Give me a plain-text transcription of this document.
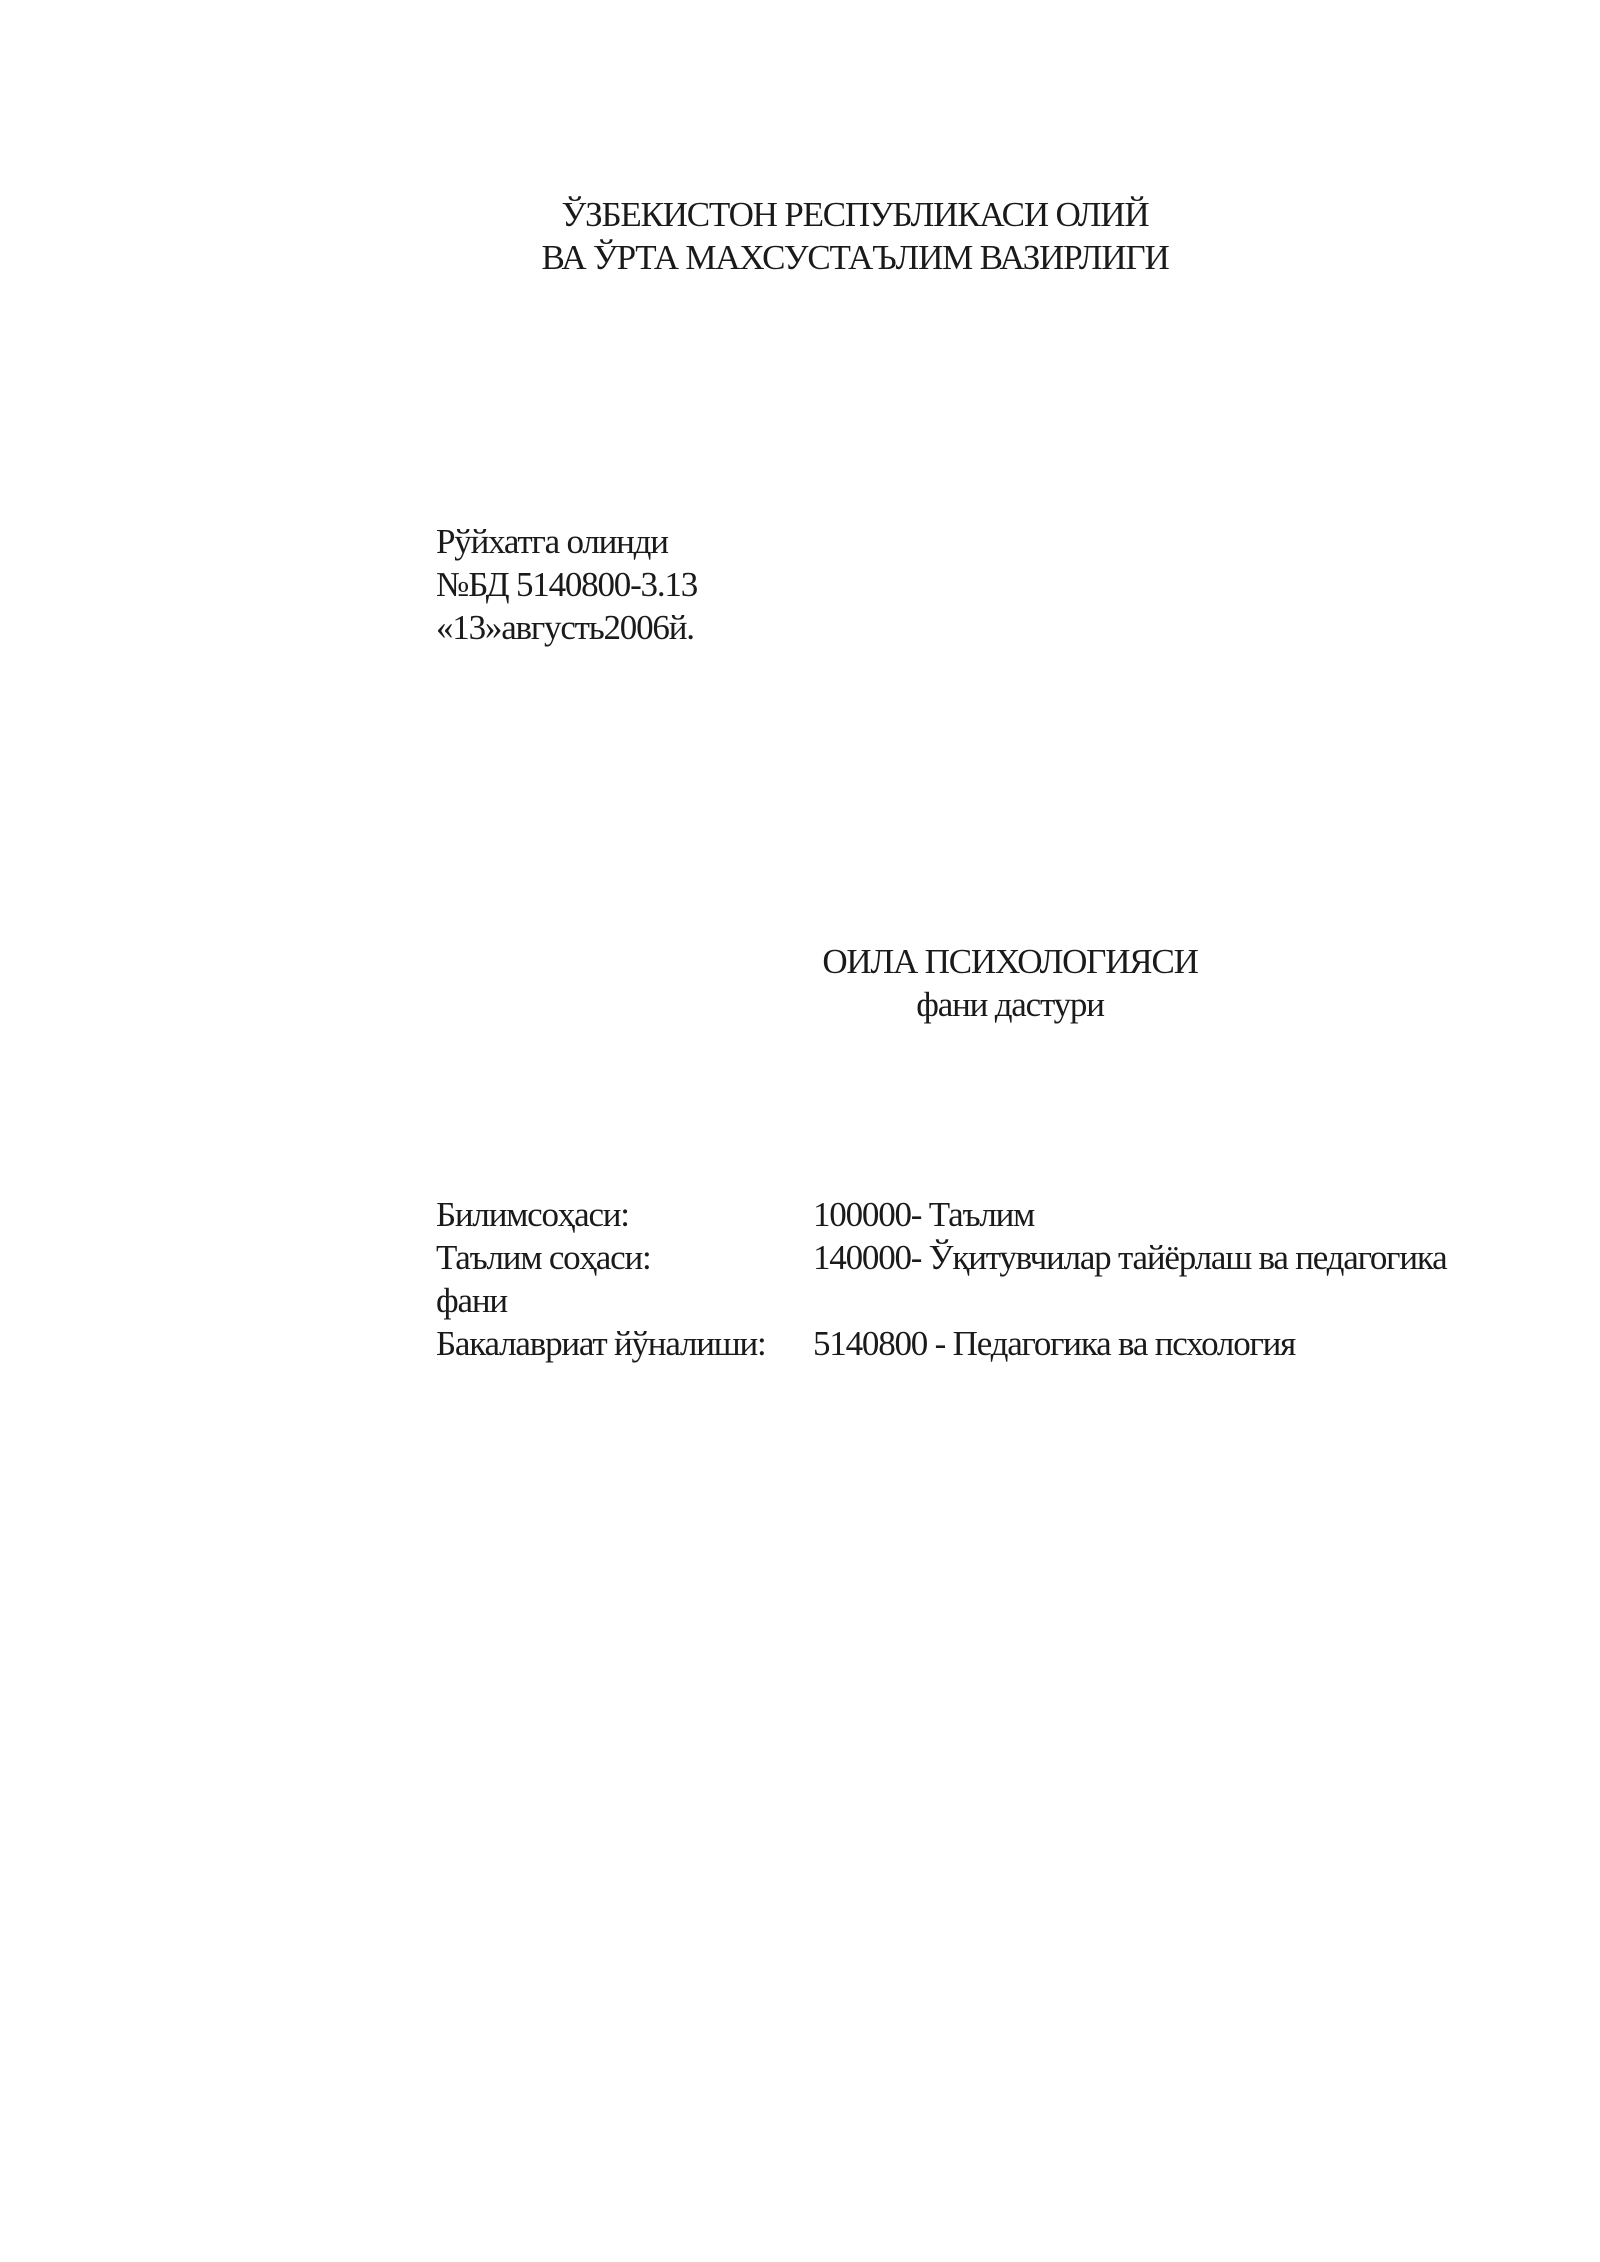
ЎЗБЕКИСТОН РЕСПУБЛИКАСИ ОЛИЙ
ВА ЎРТА МАХСУСТАЪЛИМ ВАЗИРЛИГИ
Рўйхатга олинди
№БД 5140800-3.13
«13»августь2006й.
ОИЛА ПСИХОЛОГИЯСИ
фани дастури
Билимсоҳаси:	100000- Таълим
Таълим соҳаси:	140000- Ўқитувчилар тайёрлаш ва педагогика
фани
Бакалавриат йўналиши: 5140800 - Педагогика ва псхология
